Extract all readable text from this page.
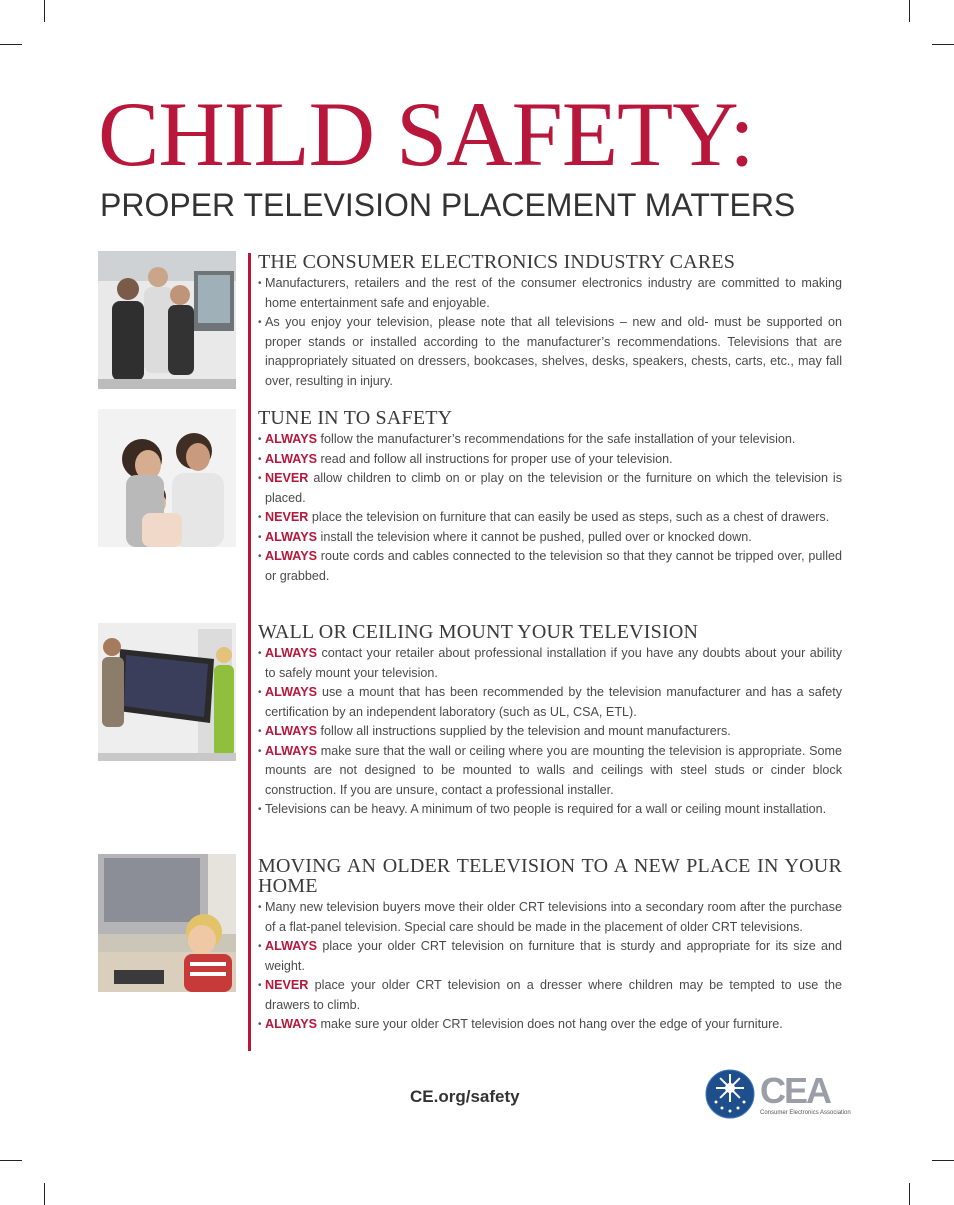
CHILD SAFETY:
PROPER TELEVISION PLACEMENT MATTERS
THE CONSUMER ELECTRONICS INDUSTRY CARES
• Manufacturers, retailers and the rest of the consumer electronics industry are committed to making home entertainment safe and enjoyable.
• As you enjoy your television, please note that all televisions – new and old- must be supported on proper stands or installed according to the manufacturer’s recommendations. Televisions that are inappropriately situated on dressers, bookcases, shelves, desks, speakers, chests, carts, etc., may fall over, resulting in injury.
TUNE IN TO SAFETY
• ALWAYS follow the manufacturer’s recommendations for the safe installation of your television.
• ALWAYS read and follow all instructions for proper use of your television.
• NEVER allow children to climb on or play on the television or the furniture on which the television is placed.
• NEVER place the television on furniture that can easily be used as steps, such as a chest of drawers.
• ALWAYS install the television where it cannot be pushed, pulled over or knocked down.
• ALWAYS route cords and cables connected to the television so that they cannot be tripped over, pulled or grabbed.
WALL OR CEILING MOUNT YOUR TELEVISION
• ALWAYS contact your retailer about professional installation if you have any doubts about your ability to safely mount your television.
• ALWAYS use a mount that has been recommended by the television manufacturer and has a safety certification by an independent laboratory (such as UL, CSA, ETL).
• ALWAYS follow all instructions supplied by the television and mount manufacturers.
• ALWAYS make sure that the wall or ceiling where you are mounting the television is appropriate. Some mounts are not designed to be mounted to walls and ceilings with steel studs or cinder block construction. If you are unsure, contact a professional installer.
• Televisions can be heavy. A minimum of two people is required for a wall or ceiling mount installation.
MOVING AN OLDER TELEVISION TO A NEW PLACE IN YOUR HOME
• Many new television buyers move their older CRT televisions into a secondary room after the purchase of a flat-panel television. Special care should be made in the placement of older CRT televisions.
• ALWAYS place your older CRT television on furniture that is sturdy and appropriate for its size and weight.
• NEVER place your older CRT television on a dresser where children may be tempted to use the drawers to climb.
• ALWAYS make sure your older CRT television does not hang over the edge of your furniture.
CE.org/safety	CEA
Consumer Electronics Association
